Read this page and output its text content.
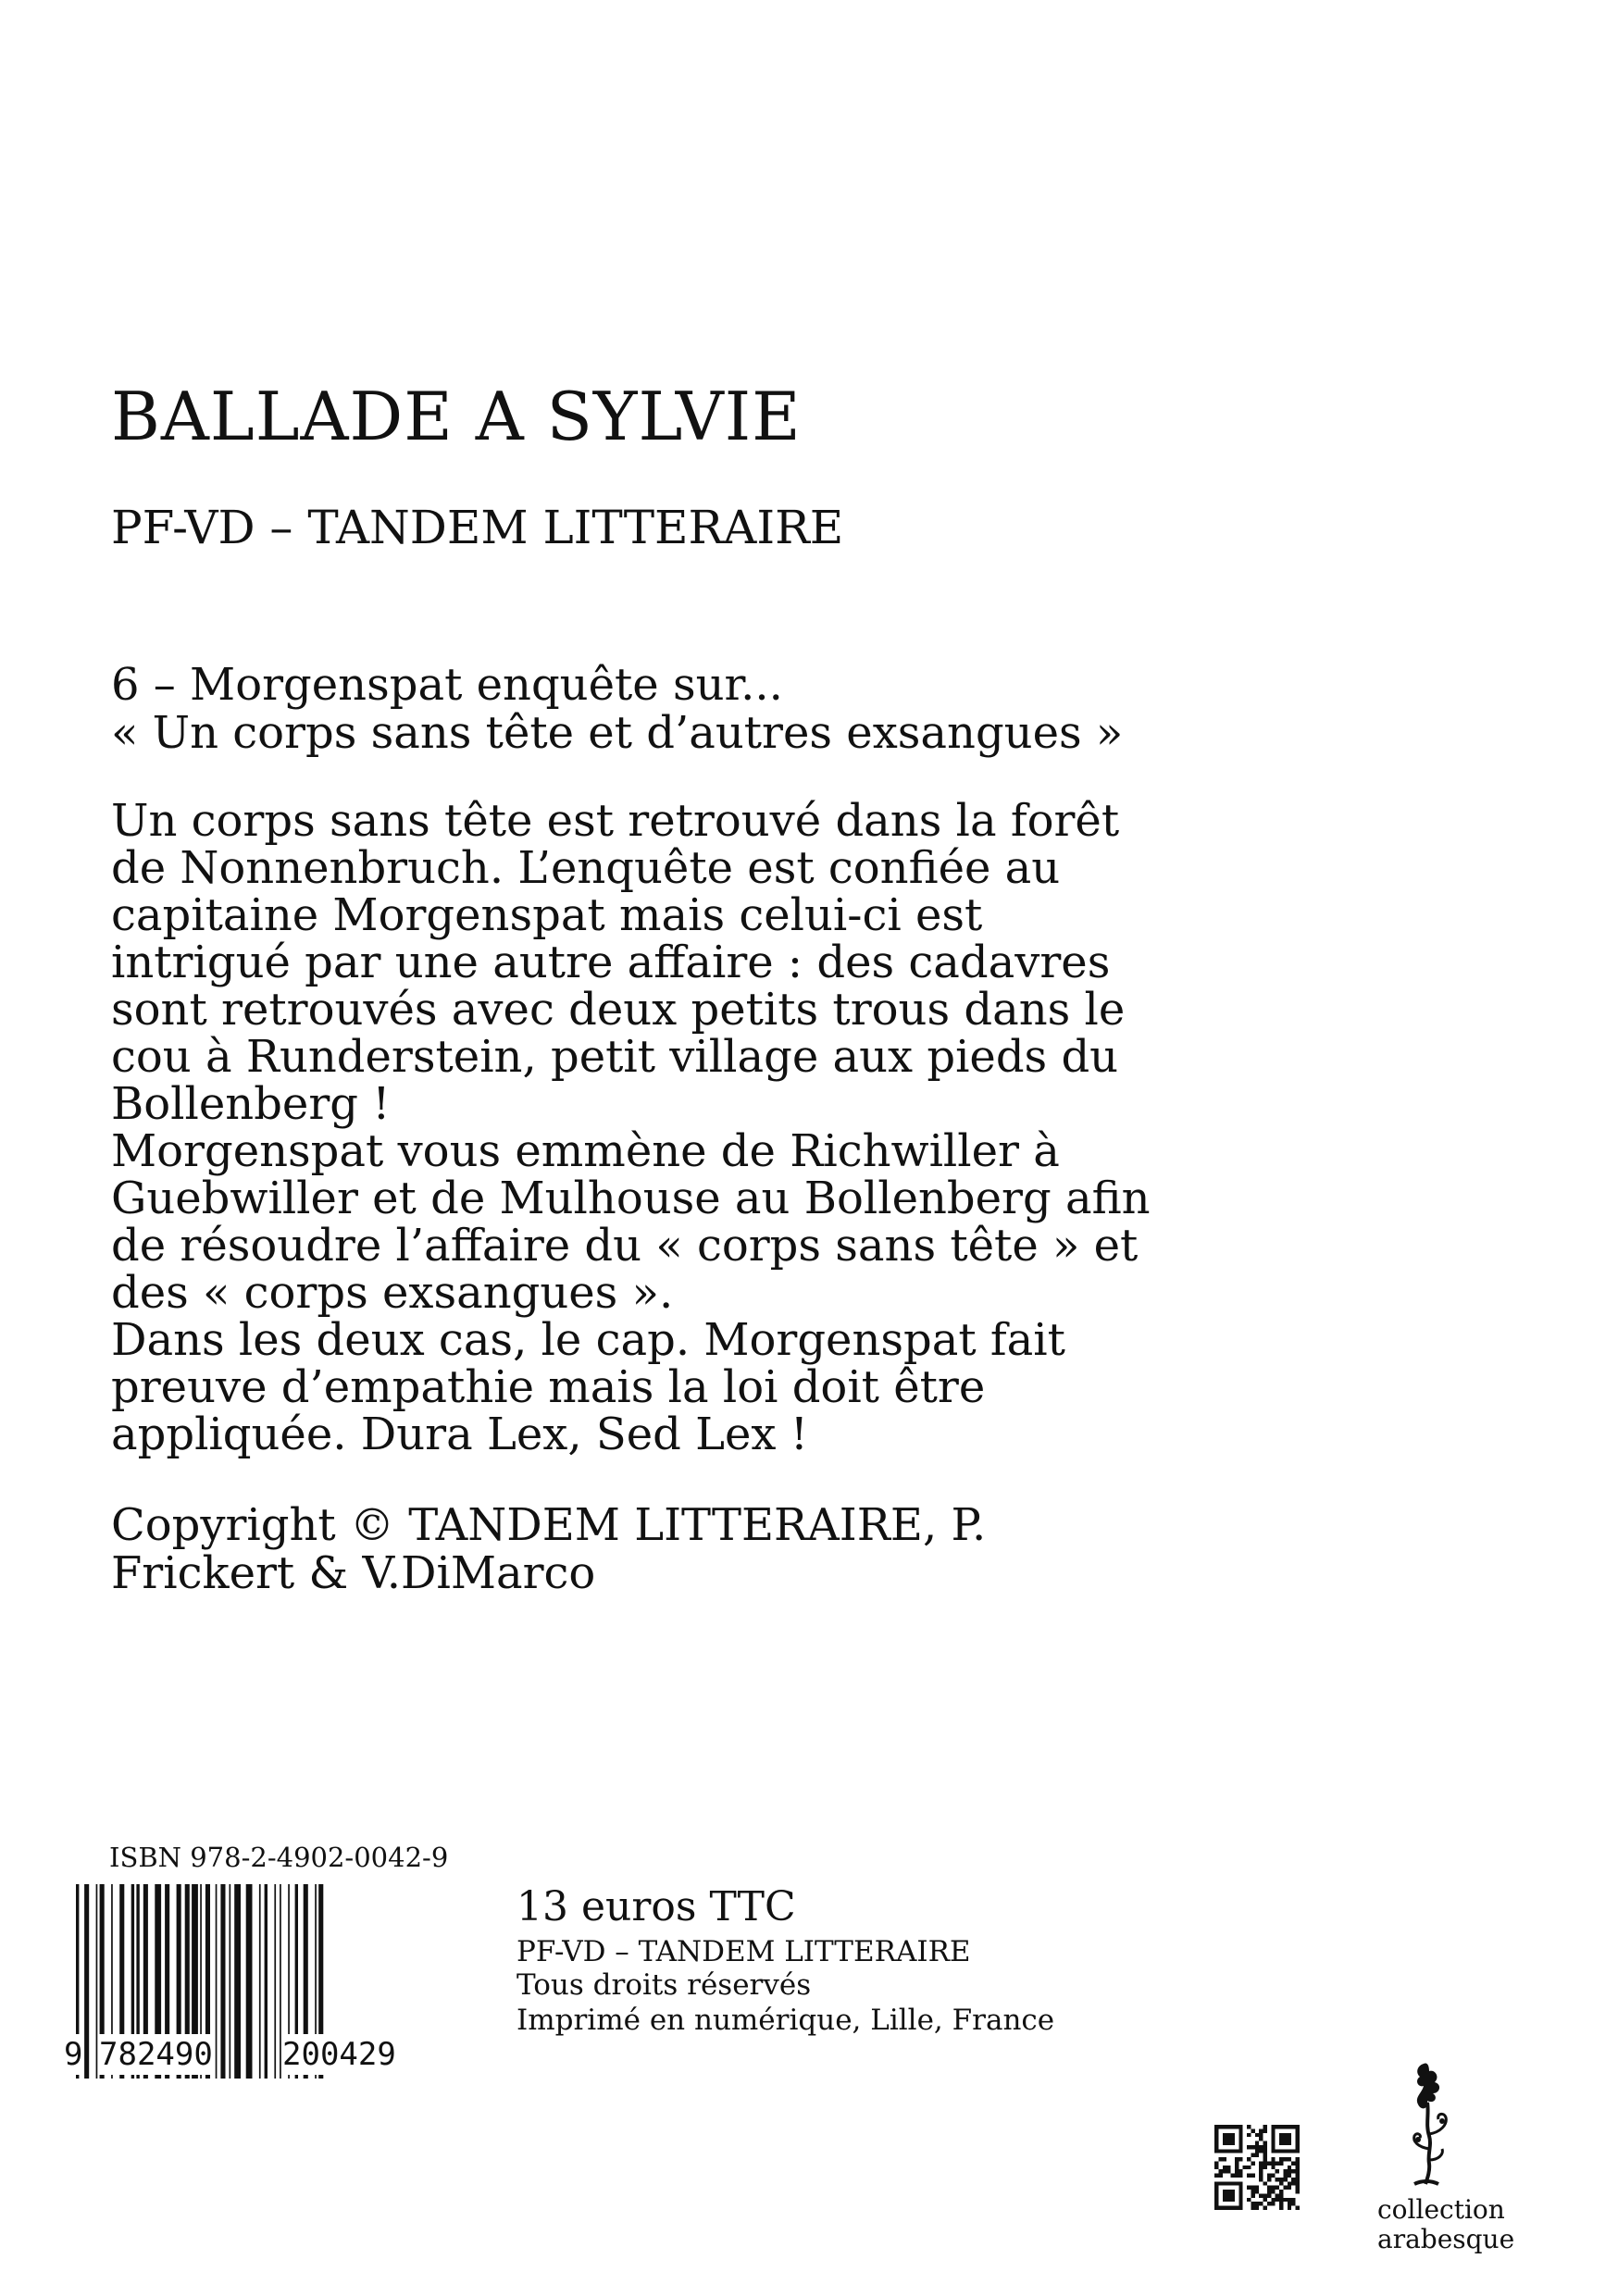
BALLADE A SYLVIE
PF-VD – TANDEM LITTERAIRE
6 – Morgenspat enquête sur...
« Un corps sans tête et d’autres exsangues »

Un corps sans tête est retrouvé dans la forêt

de Nonnenbruch. L’enquête est confiée au

capitaine Morgenspat mais celui-ci est

intrigué par une autre affaire : des cadavres

sont retrouvés avec deux petits trous dans le

cou à Runderstein, petit village aux pieds du

Bollenberg !

Morgenspat vous emmène de Richwiller à

Guebwiller et de Mulhouse au Bollenberg afin

de résoudre l’affaire du « corps sans tête » et

des « corps exsangues ».

Dans les deux cas, le cap. Morgenspat fait

preuve d’empathie mais la loi doit être

appliquée. Dura Lex, Sed Lex !

Copyright © TANDEM LITTERAIRE, P.

Frickert & V.DiMarco

ISBN 978-2-4902-0042-9
9 782490 200429
13 euros TTC
PF-VD – TANDEM LITTERAIRE
Tous droits réservés
Imprimé en numérique, Lille, France
collection
arabesque
